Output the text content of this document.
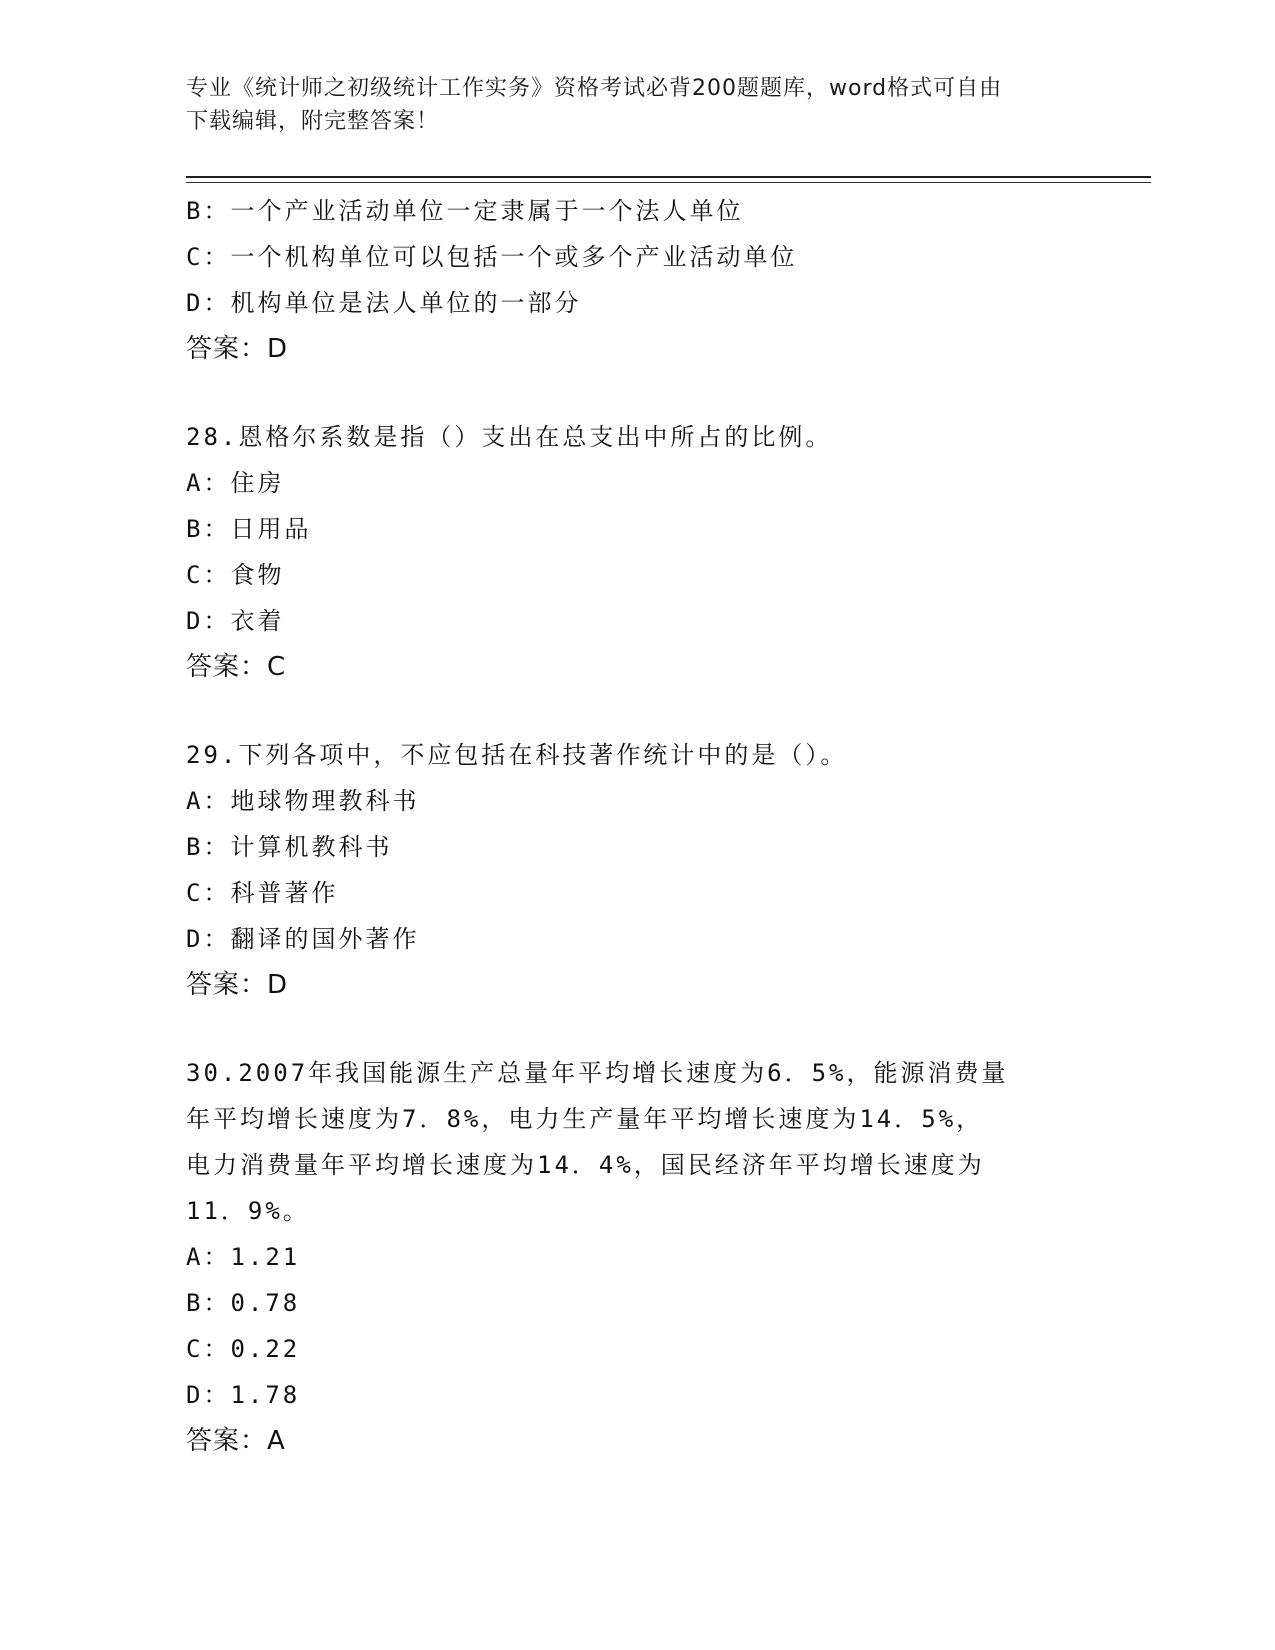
专业《统计师之初级统计工作实务》资格考试必背200题题库，word格式可自由
下载编辑，附完整答案！
B：一个产业活动单位一定隶属于一个法人单位
C：一个机构单位可以包括一个或多个产业活动单位
D：机构单位是法人单位的一部分
答案：D
28.恩格尔系数是指（）支出在总支出中所占的比例。
A：住房
B：日用品
C：食物
D：衣着
答案：C
29.下列各项中，不应包括在科技著作统计中的是（）。
A：地球物理教科书
B：计算机教科书
C：科普著作
D：翻译的国外著作
答案：D
30.2007年我国能源生产总量年平均增长速度为6．5%，能源消费量
年平均增长速度为7．8%，电力生产量年平均增长速度为14．5%，
电力消费量年平均增长速度为14．4%，国民经济年平均增长速度为
11．9%。
A：1.21
B：0.78
C：0.22
D：1.78
答案：A
